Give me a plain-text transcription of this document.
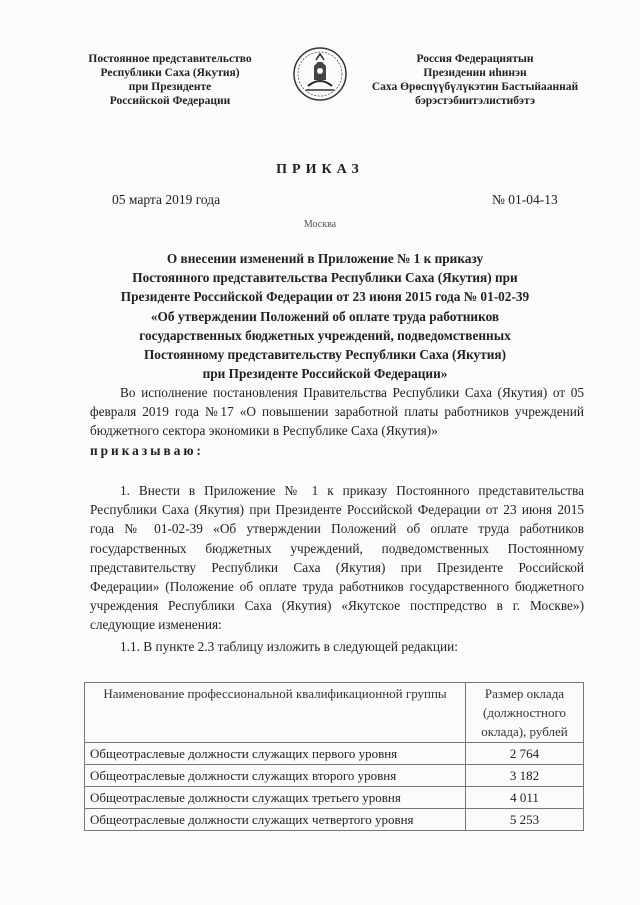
Постоянное представительство
Республики Саха (Якутия)
при Президенте
Российской Федерации
Россия Федерациятын
Президенин иһинэн
Саха Өрөспүүбүлүкэтин Бастыйааннай
бэрэстэбиитэлистибэтэ
ПРИКАЗ
05 марта 2019 года	№ 01-04-13
Москва
О внесении изменений в Приложение № 1 к приказу
Постоянного представительства Республики Саха (Якутия) при
Президенте Российской Федерации от 23 июня 2015 года № 01-02-39
«Об утверждении Положений об оплате труда работников
государственных бюджетных учреждений, подведомственных
Постоянному представительству Республики Саха (Якутия)
при Президенте Российской Федерации»

Во исполнение постановления Правительства Республики Саха (Якутия) от 05 февраля 2019 года №17 «О повышении заработной платы работников учреждений бюджетного сектора экономики в Республике Саха (Якутия)»
приказываю:

1. Внести в Приложение № 1 к приказу Постоянного представительства Республики Саха (Якутия) при Президенте Российской Федерации от 23 июня 2015 года № 01-02-39 «Об утверждении Положений об оплате труда работников государственных бюджетных учреждений, подведомственных Постоянному представительству Республики Саха (Якутия) при Президенте Российской Федерации» (Положение об оплате труда работников государственного бюджетного учреждения Республики Саха (Якутия) «Якутское постпредство в г. Москве») следующие изменения:

1.1. В пункте 2.3 таблицу изложить в следующей редакции:

Наименование профессиональной квалификационной группы	Размер оклада (должностного оклада), рублей
Общеотраслевые должности служащих первого уровня	2 764
Общеотраслевые должности служащих второго уровня	3 182
Общеотраслевые должности служащих третьего уровня	4 011
Общеотраслевые должности служащих четвертого уровня	5 253
